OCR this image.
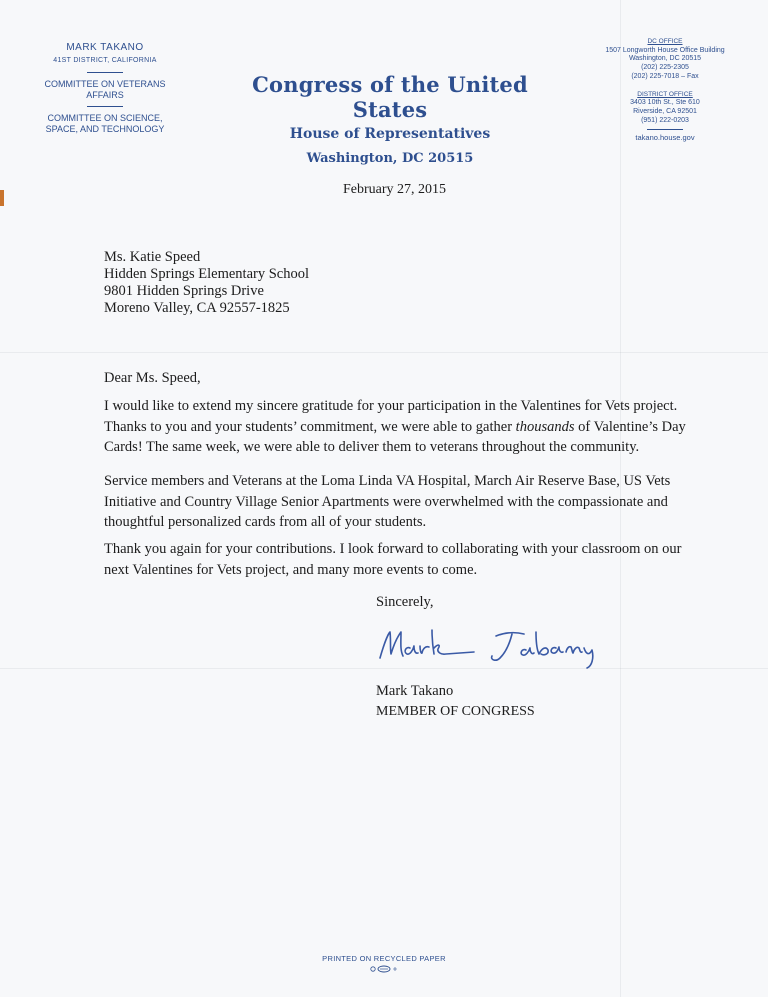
MARK TAKANO
41ST DISTRICT, CALIFORNIA
COMMITTEE ON VETERANS AFFAIRS
COMMITTEE ON SCIENCE, SPACE, AND TECHNOLOGY
Congress of the United States
House of Representatives
Washington, DC 20515
DC OFFICE
1507 Longworth House Office Building
Washington, DC 20515
(202) 225-2305
(202) 225-7018 – Fax
DISTRICT OFFICE
3403 10th St., Ste 610
Riverside, CA 92501
(951) 222-0203
takano.house.gov
February 27, 2015
Ms. Katie Speed
Hidden Springs Elementary School
9801 Hidden Springs Drive
Moreno Valley, CA 92557-1825
Dear Ms. Speed,
I would like to extend my sincere gratitude for your participation in the Valentines for Vets project. Thanks to you and your students’ commitment, we were able to gather thousands of Valentine’s Day Cards! The same week, we were able to deliver them to veterans throughout the community.
Service members and Veterans at the Loma Linda VA Hospital, March Air Reserve Base, US Vets Initiative and Country Village Senior Apartments were overwhelmed with the compassionate and thoughtful personalized cards from all of your students.
Thank you again for your contributions. I look forward to collaborating with your classroom on our next Valentines for Vets project, and many more events to come.
Sincerely,
Mark Takano
MEMBER OF CONGRESS
PRINTED ON RECYCLED PAPER
